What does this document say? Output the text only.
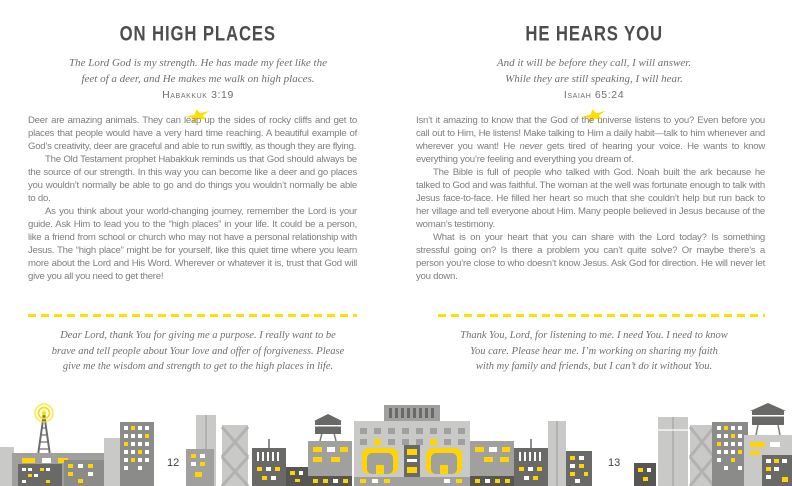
ON HIGH PLACES
The Lord God is my strength. He has made my feet like the
feet of a deer, and He makes me walk on high places.
Habakkuk 3:19

Deer are amazing animals. They can leap up the sides of rocky cliffs and get to places that people would have a very hard time reaching. A beautiful example of God’s creativity, deer are graceful and able to run swiftly, as though they are flying.

The Old Testament prophet Habakkuk reminds us that God should always be the source of our strength. In this way you can become like a deer and go places you wouldn’t normally be able to go and do things you wouldn’t normally be able to do.

As you think about your world-changing journey, remember the Lord is your guide. Ask Him to lead you to the “high places” in your life. It could be a person, like a friend from school or church who may not have a personal relationship with Jesus. The “high place” might be for yourself, like this quiet time where you learn more about the Lord and His Word. Wherever or whatever it is, trust that God will give you all you need to get there!

Dear Lord, thank You for giving me a purpose. I really want to be
brave and tell people about Your love and offer of forgiveness. Please
give me the wisdom and strength to get to the high places in life.
12
HE HEARS YOU
And it will be before they call, I will answer.
While they are still speaking, I will hear.
Isaiah 65:24

Isn’t it amazing to know that the God of the universe listens to you? Even before you call out to Him, He listens! Make talking to Him a daily habit—talk to him whenever and wherever you want! He never gets tired of hearing your voice. He wants to know everything you’re feeling and everything you dream of.

The Bible is full of people who talked with God. Noah built the ark because he talked to God and was faithful. The woman at the well was fortunate enough to talk with Jesus face-to-face. He filled her heart so much that she couldn’t help but run back to her village and tell everyone about Him. Many people believed in Jesus because of the woman’s testimony.

What is on your heart that you can share with the Lord today? Is something stressful going on? Is there a problem you can’t quite solve? Or maybe there’s a person you’re close to who doesn’t know Jesus. Ask God for direction. He will never let you down.

Thank You, Lord, for listening to me. I need You. I need to know
You care. Please hear me. I’m working on sharing my faith
with my family and friends, but I can’t do it without You.
13
